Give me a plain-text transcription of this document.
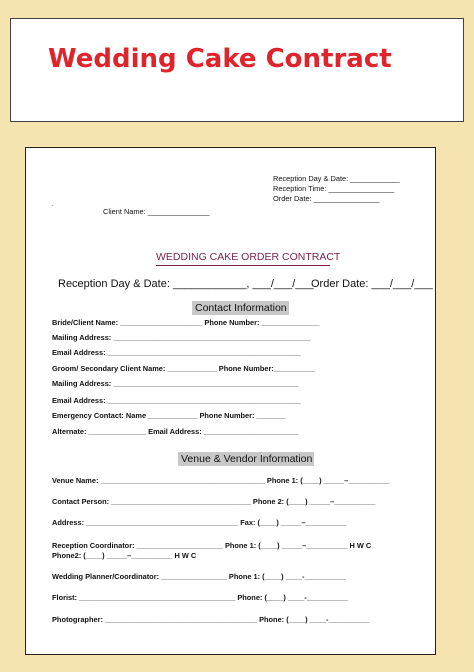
Wedding Cake Contract
Reception Day & Date: ____________
Reception Time: ________________
Order Date: ________________
.
Client Name: _______________
WEDDING CAKE ORDER CONTRACT
Reception Day & Date: ____________, ___/___/___
Order Date: ___/___/___
Contact Information
Bride/Client Name: ____________________ Phone Number: ______________
Mailing Address: ________________________________________________
Email Address: _______________________________________________
Groom/ Secondary Client Name: ____________ Phone Number:__________
Mailing Address: _____________________________________________
Email Address: _______________________________________________
Emergency Contact: Name ____________ Phone Number: _______
Alternate: ______________ Email Address: _______________________
Venue & Vendor Information
Venue Name: ________________________________________ Phone 1: (____) _____–__________
Contact Person: __________________________________ Phone 2: (____) _____–__________
Address: _____________________________________ Fax: (____) _____–__________
Reception Coordinator: _____________________ Phone 1: (____) _____–__________ H W C
Phone2: (____) _____–__________ H W C
Wedding Planner/Coordinator: ________________ Phone 1: (____) ____-__________
Florist: ______________________________________ Phone: (____) ____-__________
Photographer: _____________________________________ Phone: (____) ____-__________
